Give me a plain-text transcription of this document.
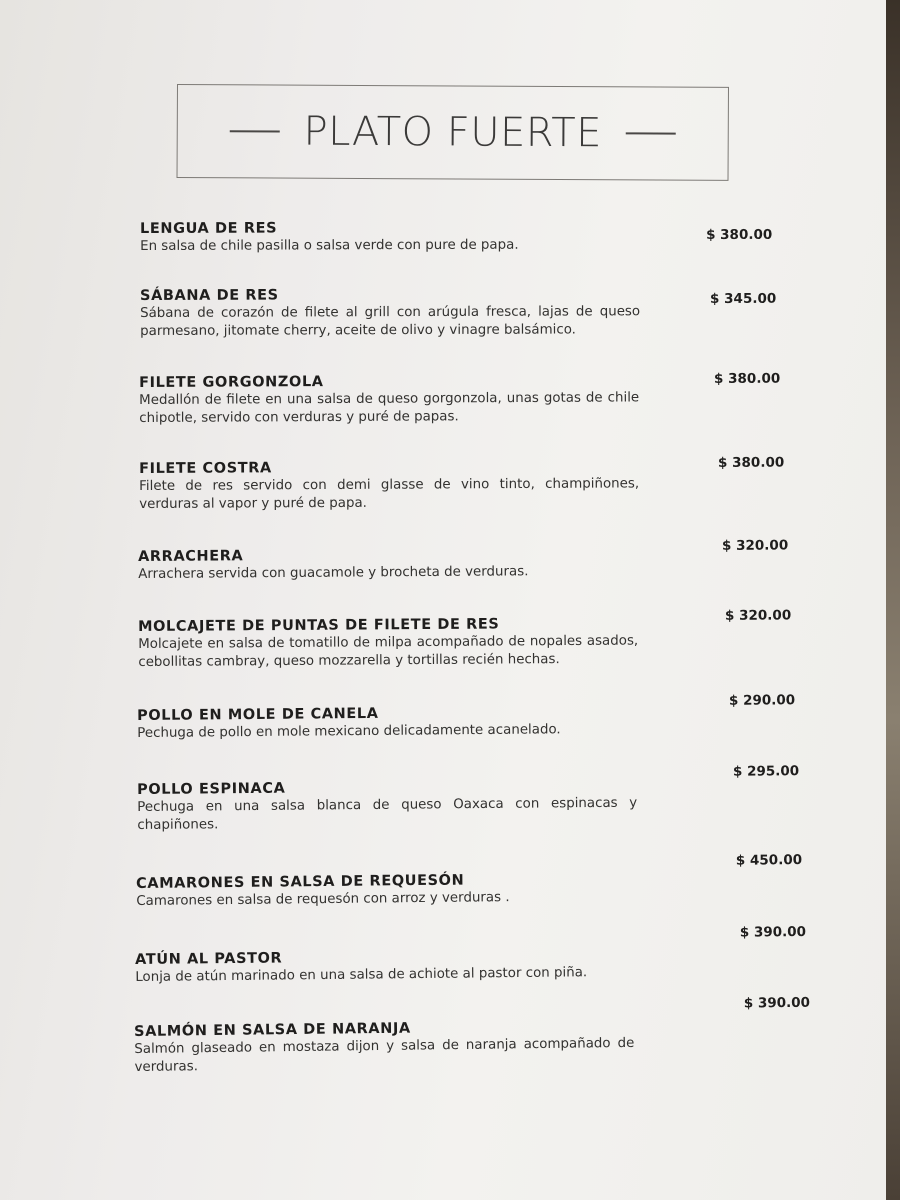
PLATO FUERTE

LENGUA DE RES

En salsa de chile pasilla o salsa verde con pure de papa.

$ 380.00

SÁBANA DE RES

Sábana de corazón de filete al grill con arúgula fresca, lajas de queso parmesano, jitomate cherry, aceite de olivo y vinagre balsámico.

$ 345.00

FILETE GORGONZOLA

Medallón de filete en una salsa de queso gorgonzola, unas gotas de chile chipotle, servido con verduras y puré de papas.

$ 380.00

FILETE COSTRA

Filete de res servido con demi glasse de vino tinto, champiñones, verduras al vapor y puré de papa.

$ 380.00

ARRACHERA

Arrachera servida con guacamole y brocheta de verduras.

$ 320.00

MOLCAJETE DE PUNTAS DE FILETE DE RES

Molcajete en salsa de tomatillo de milpa acompañado de nopales asados, cebollitas cambray, queso mozzarella y tortillas recién hechas.

$ 320.00

POLLO EN MOLE DE CANELA

Pechuga de pollo en mole mexicano delicadamente acanelado.

$ 290.00

POLLO ESPINACA

Pechuga en una salsa blanca de queso Oaxaca con espinacas y chapiñones.

$ 295.00

CAMARONES EN SALSA DE REQUESÓN

Camarones en salsa de requesón con arroz y verduras .

$ 450.00

ATÚN AL PASTOR

Lonja de atún marinado en una salsa de achiote al pastor con piña.

$ 390.00

SALMÓN EN SALSA DE NARANJA

Salmón glaseado en mostaza dijon y salsa de naranja acompañado de verduras.

$ 390.00
